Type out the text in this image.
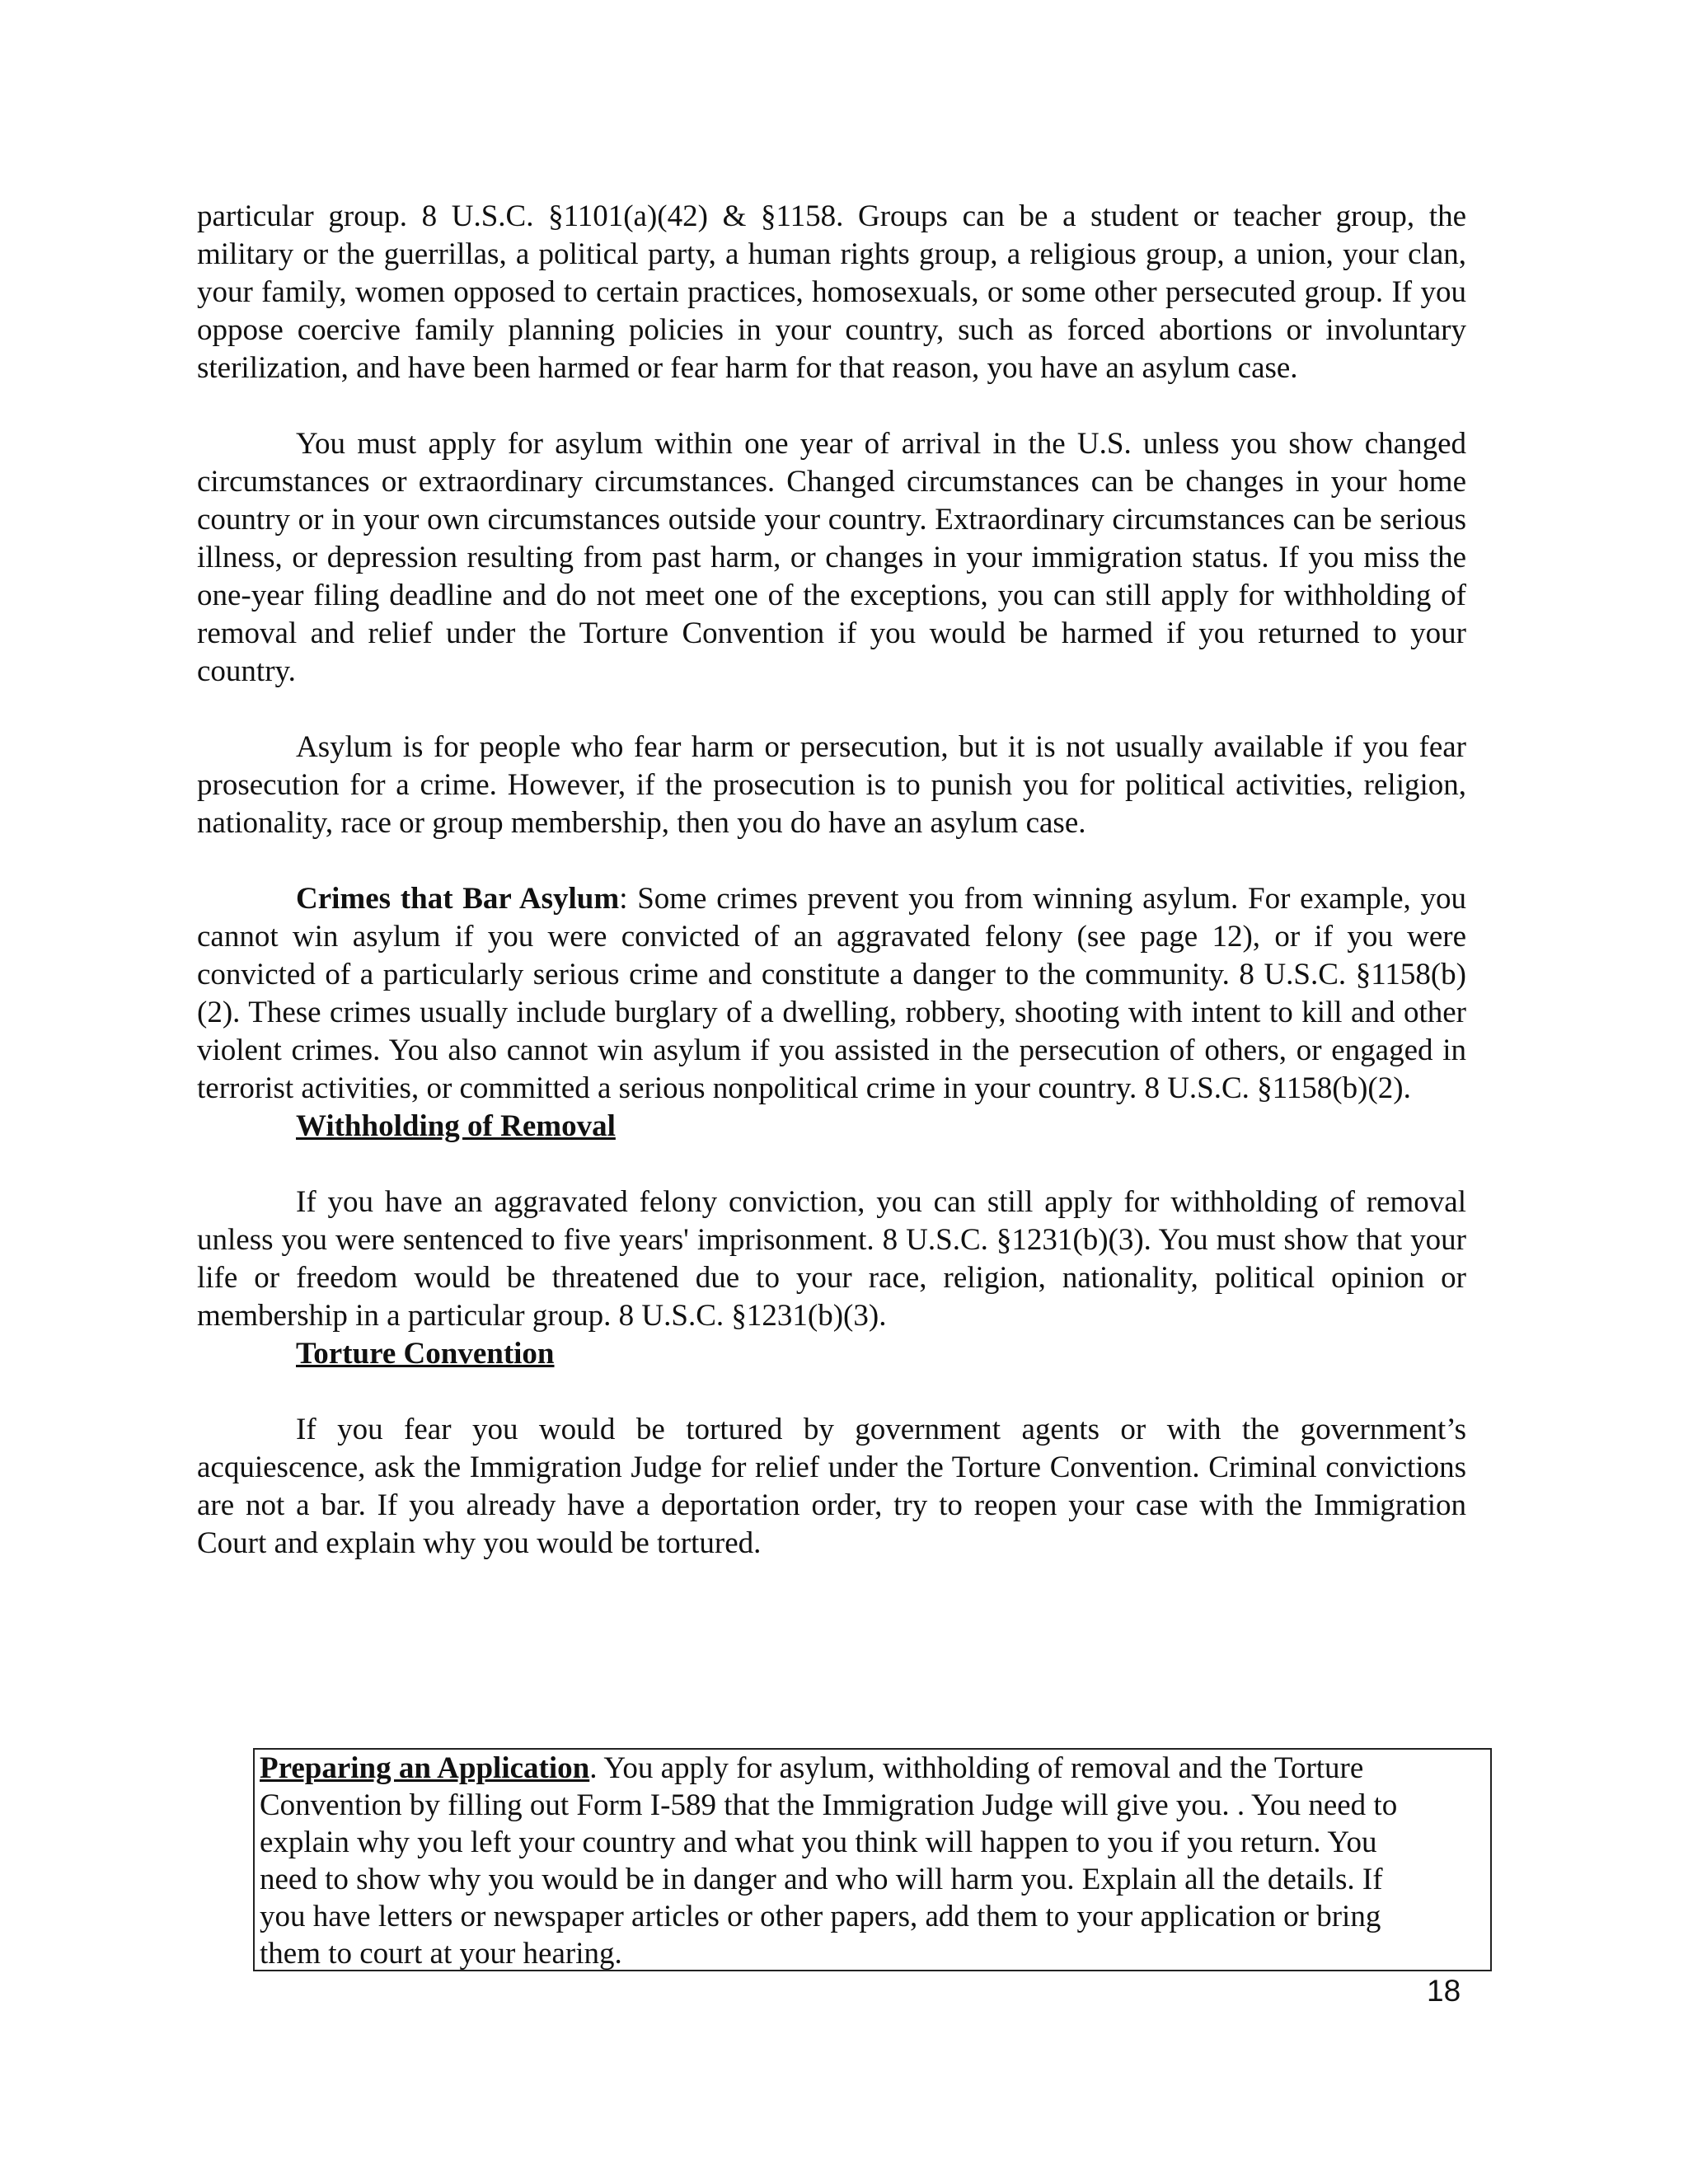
particular group. 8 U.S.C. §1101(a)(42) & §1158. Groups can be a student or teacher group, the military or the guerrillas, a political party, a human rights group, a religious group, a union, your clan, your family, women opposed to certain practices, homosexuals, or some other persecuted group. If you oppose coercive family planning policies in your country, such as forced abortions or involuntary sterilization, and have been harmed or fear harm for that reason, you have an asylum case.

You must apply for asylum within one year of arrival in the U.S. unless you show changed circumstances or extraordinary circumstances. Changed circumstances can be changes in your home country or in your own circumstances outside your country. Extraordinary circumstances can be serious illness, or depression resulting from past harm, or changes in your immigration status. If you miss the one-year filing deadline and do not meet one of the exceptions, you can still apply for withholding of removal and relief under the Torture Convention if you would be harmed if you returned to your country.

Asylum is for people who fear harm or persecution, but it is not usually available if you fear prosecution for a crime. However, if the prosecution is to punish you for political activities, religion, nationality, race or group membership, then you do have an asylum case.

Crimes that Bar Asylum: Some crimes prevent you from winning asylum. For example, you cannot win asylum if you were convicted of an aggravated felony (see page 12), or if you were convicted of a particularly serious crime and constitute a danger to the community. 8 U.S.C. §1158(b)(2). These crimes usually include burglary of a dwelling, robbery, shooting with intent to kill and other violent crimes. You also cannot win asylum if you assisted in the persecution of others, or engaged in terrorist activities, or committed a serious nonpolitical crime in your country. 8 U.S.C. §1158(b)(2).

Withholding of Removal

If you have an aggravated felony conviction, you can still apply for withholding of removal unless you were sentenced to five years' imprisonment. 8 U.S.C. §1231(b)(3). You must show that your life or freedom would be threatened due to your race, religion, nationality, political opinion or membership in a particular group. 8 U.S.C. §1231(b)(3).

Torture Convention

If you fear you would be tortured by government agents or with the government’s acquiescence, ask the Immigration Judge for relief under the Torture Convention. Criminal convictions are not a bar. If you already have a deportation order, try to reopen your case with the Immigration Court and explain why you would be tortured.

Preparing an Application. You apply for asylum, withholding of removal and the Torture
Convention by filling out Form I-589 that the Immigration Judge will give you. . You need to
explain why you left your country and what you think will happen to you if you return. You
need to show why you would be in danger and who will harm you. Explain all the details. If
you have letters or newspaper articles or other papers, add them to your application or bring
them to court at your hearing.
18
